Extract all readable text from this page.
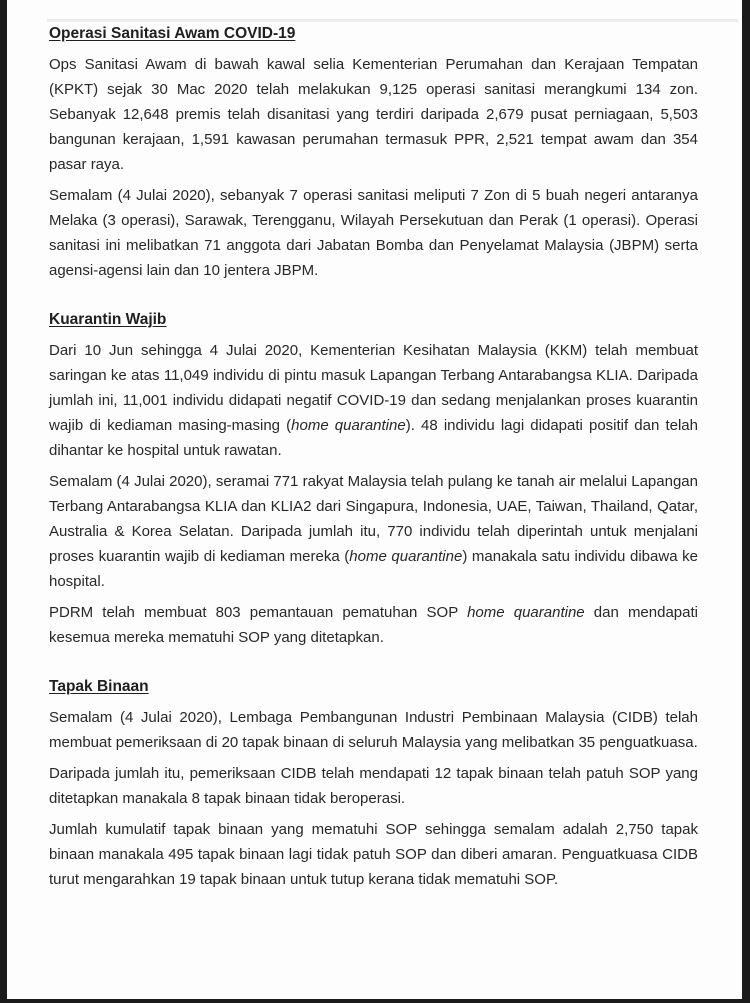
Operasi Sanitasi Awam COVID-19

Ops Sanitasi Awam di bawah kawal selia Kementerian Perumahan dan Kerajaan Tempatan (KPKT) sejak 30 Mac 2020 telah melakukan 9,125 operasi sanitasi merangkumi 134 zon. Sebanyak 12,648 premis telah disanitasi yang terdiri daripada 2,679 pusat perniagaan, 5,503 bangunan kerajaan, 1,591 kawasan perumahan termasuk PPR, 2,521 tempat awam dan 354 pasar raya.

Semalam (4 Julai 2020), sebanyak 7 operasi sanitasi meliputi 7 Zon di 5 buah negeri antaranya Melaka (3 operasi), Sarawak, Terengganu, Wilayah Persekutuan dan Perak (1 operasi). Operasi sanitasi ini melibatkan 71 anggota dari Jabatan Bomba dan Penyelamat Malaysia (JBPM) serta agensi-agensi lain dan 10 jentera JBPM.

Kuarantin Wajib

Dari 10 Jun sehingga 4 Julai 2020, Kementerian Kesihatan Malaysia (KKM) telah membuat saringan ke atas 11,049 individu di pintu masuk Lapangan Terbang Antarabangsa KLIA. Daripada jumlah ini, 11,001 individu didapati negatif COVID-19 dan sedang menjalankan proses kuarantin wajib di kediaman masing-masing (home quarantine). 48 individu lagi didapati positif dan telah dihantar ke hospital untuk rawatan.

Semalam (4 Julai 2020), seramai 771 rakyat Malaysia telah pulang ke tanah air melalui Lapangan Terbang Antarabangsa KLIA dan KLIA2 dari Singapura, Indonesia, UAE, Taiwan, Thailand, Qatar, Australia & Korea Selatan. Daripada jumlah itu, 770 individu telah diperintah untuk menjalani proses kuarantin wajib di kediaman mereka (home quarantine) manakala satu individu dibawa ke hospital.

PDRM telah membuat 803 pemantauan pematuhan SOP home quarantine dan mendapati kesemua mereka mematuhi SOP yang ditetapkan.

Tapak Binaan

Semalam (4 Julai 2020), Lembaga Pembangunan Industri Pembinaan Malaysia (CIDB) telah membuat pemeriksaan di 20 tapak binaan di seluruh Malaysia yang melibatkan 35 penguatkuasa.

Daripada jumlah itu, pemeriksaan CIDB telah mendapati 12 tapak binaan telah patuh SOP yang ditetapkan manakala 8 tapak binaan tidak beroperasi.

Jumlah kumulatif tapak binaan yang mematuhi SOP sehingga semalam adalah 2,750 tapak binaan manakala 495 tapak binaan lagi tidak patuh SOP dan diberi amaran. Penguatkuasa CIDB turut mengarahkan 19 tapak binaan untuk tutup kerana tidak mematuhi SOP.
